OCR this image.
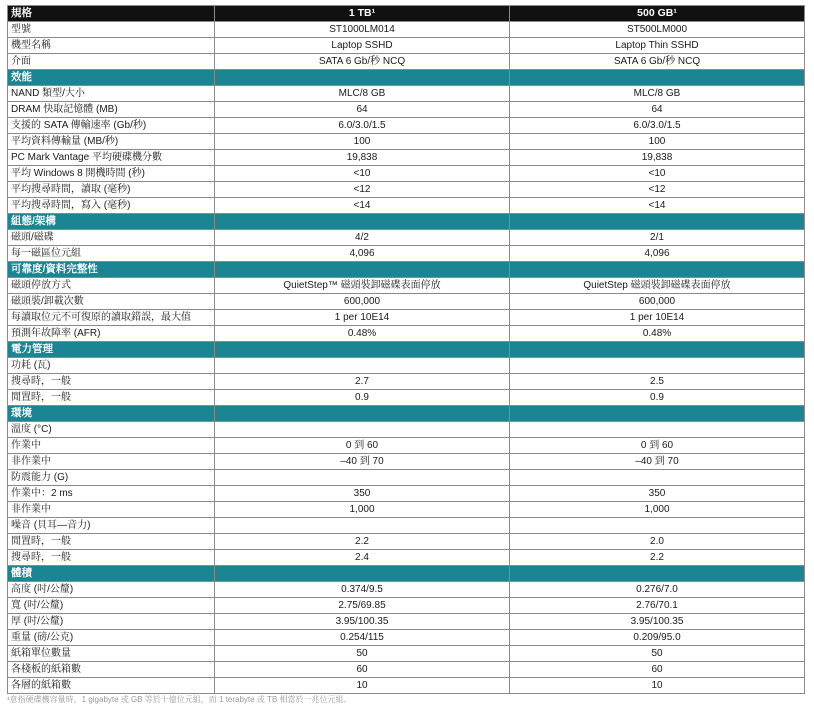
規格	1 TB¹	500 GB¹
型號	ST1000LM014	ST500LM000
機型名稱	Laptop SSHD	Laptop Thin SSHD
介面	SATA 6 Gb/秒 NCQ	SATA 6 Gb/秒 NCQ
效能		
NAND 類型/大小	MLC/8 GB	MLC/8 GB
DRAM 快取記憶體 (MB)	64	64
支援的 SATA 傳輸速率 (Gb/秒)	6.0/3.0/1.5	6.0/3.0/1.5
平均資料傳輸量 (MB/秒)	100	100
PC Mark Vantage 平均硬碟機分數	19,838	19,838
平均 Windows 8 開機時間 (秒)	<10	<10
平均搜尋時間，讀取 (毫秒)	<12	<12
平均搜尋時間，寫入 (毫秒)	<14	<14
組態/架構		
磁頭/磁碟	4/2	2/1
每一磁區位元組	4,096	4,096
可靠度/資料完整性		
磁頭停放方式	QuietStep™ 磁頭裝卸磁碟表面停放	QuietStep 磁頭裝卸磁碟表面停放
磁頭裝/卸載次數	600,000	600,000
每讀取位元不可復原的讀取錯誤，最大值	1 per 10E14	1 per 10E14
預測年故障率 (AFR)	0.48%	0.48%
電力管理		
功耗 (瓦)		
搜尋時，一般	2.7	2.5
閒置時，一般	0.9	0.9
環境		
溫度 (°C)		
作業中	0 到 60	0 到 60
非作業中	–40 到 70	–40 到 70
防震能力 (G)		
作業中：2 ms	350	350
非作業中	1,000	1,000
噪音 (貝耳—音力)		
閒置時，一般	2.2	2.0
搜尋時，一般	2.4	2.2
體積		
高度 (吋/公釐)	0.374/9.5	0.276/7.0
寬 (吋/公釐)	2.75/69.85	2.76/70.1
厚 (吋/公釐)	3.95/100.35	3.95/100.35
重量 (磅/公克)	0.254/115	0.209/95.0
紙箱單位數量	50	50
各棧板的紙箱數	60	60
各層的紙箱數	10	10
¹意指硬碟機容量時，1 gigabyte 或 GB 等於十億位元組，而 1 terabyte 或 TB 相當於一兆位元組。
